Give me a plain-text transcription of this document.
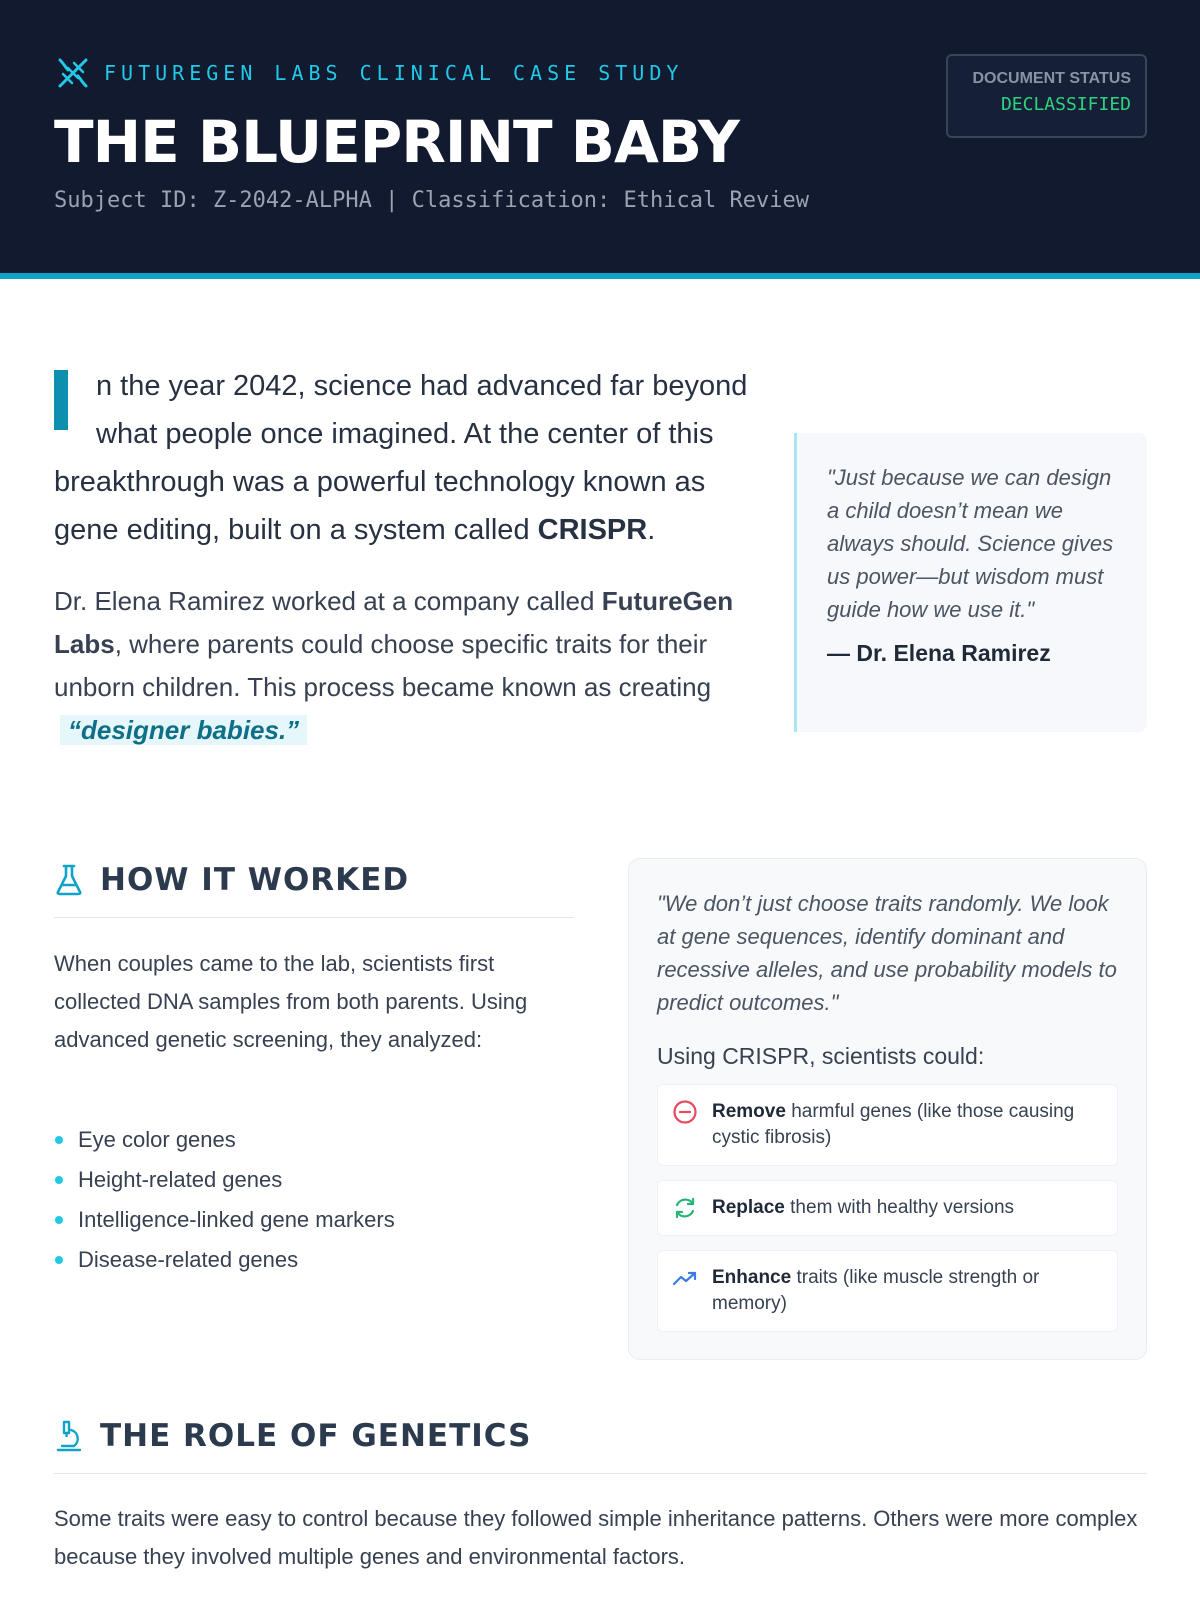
FUTUREGEN LABS CLINICAL CASE STUDY
THE BLUEPRINT BABY
Subject ID: Z-2042-ALPHA | Classification: Ethical Review
DOCUMENT STATUS
DECLASSIFIED

n the year 2042, science had advanced far beyond what people once imagined. At the center of this breakthrough was a powerful technology known as gene editing, built on a system called CRISPR.

Dr. Elena Ramirez worked at a company called FutureGen Labs, where parents could choose specific traits for their unborn children. This process became known as creating “designer babies.”

"Just because we can design a child doesn’t mean we always should. Science gives us power—but wisdom must guide how we use it."

— Dr. Elena Ramirez

HOW IT WORKED

When couples came to the lab, scientists first collected DNA samples from both parents. Using advanced genetic screening, they analyzed:

Eye color genes
Height-related genes
Intelligence-linked gene markers
Disease-related genes

"We don’t just choose traits randomly. We look at gene sequences, identify dominant and recessive alleles, and use probability models to predict outcomes."

Using CRISPR, scientists could:

Remove harmful genes (like those causing cystic fibrosis)

Replace them with healthy versions

Enhance traits (like muscle strength or memory)

THE ROLE OF GENETICS

Some traits were easy to control because they followed simple inheritance patterns. Others were more complex because they involved multiple genes and environmental factors.
